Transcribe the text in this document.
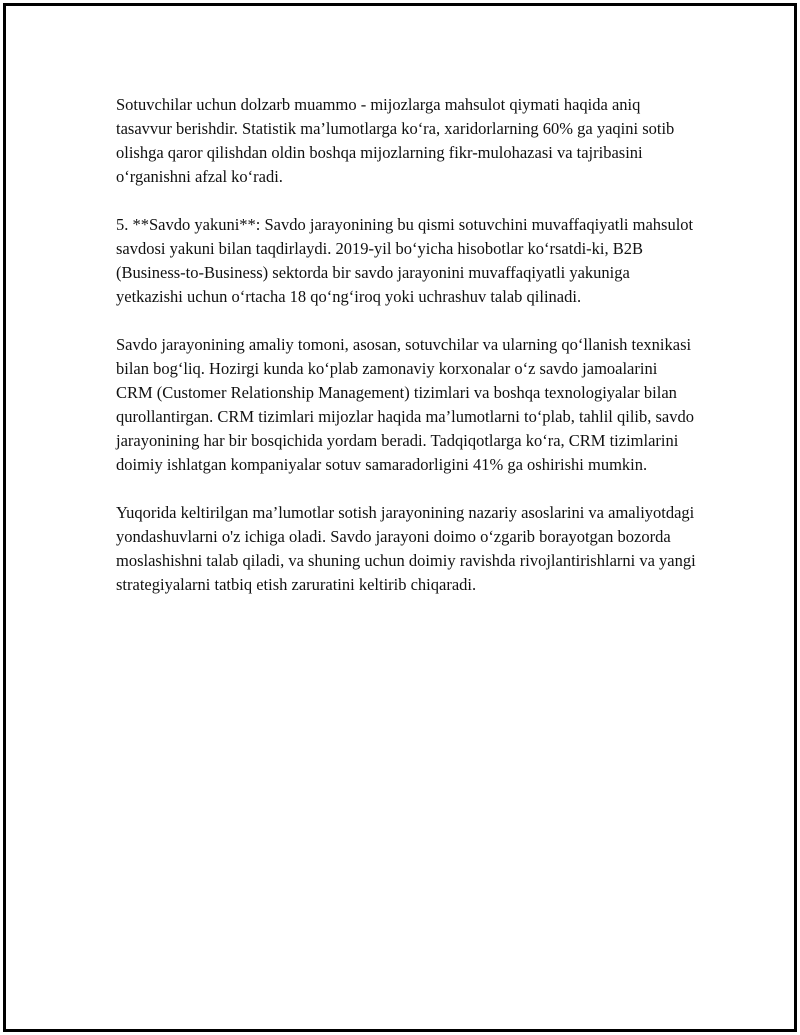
Sotuvchilar uchun dolzarb muammo - mijozlarga mahsulot qiymati haqida aniq tasavvur berishdir. Statistik ma’lumotlarga ko‘ra, xaridorlarning 60% ga yaqini sotib olishga qaror qilishdan oldin boshqa mijozlarning fikr-mulohazasi va tajribasini o‘rganishni afzal ko‘radi.

5. **Savdo yakuni**: Savdo jarayonining bu qismi sotuvchini muvaffaqiyatli mahsulot savdosi yakuni bilan taqdirlaydi. 2019-yil bo‘yicha hisobotlar ko‘rsatdi-ki, B2B (Business-to-Business) sektorda bir savdo jarayonini muvaffaqiyatli yakuniga yetkazishi uchun o‘rtacha 18 qo‘ng‘iroq yoki uchrashuv talab qilinadi.

Savdo jarayonining amaliy tomoni, asosan, sotuvchilar va ularning qo‘llanish texnikasi bilan bog‘liq. Hozirgi kunda ko‘plab zamonaviy korxonalar o‘z savdo jamoalarini CRM (Customer Relationship Management) tizimlari va boshqa texnologiyalar bilan qurollantirgan. CRM tizimlari mijozlar haqida ma’lumotlarni to‘plab, tahlil qilib, savdo jarayonining har bir bosqichida yordam beradi. Tadqiqotlarga ko‘ra, CRM tizimlarini doimiy ishlatgan kompaniyalar sotuv samaradorligini 41% ga oshirishi mumkin.

Yuqorida keltirilgan ma’lumotlar sotish jarayonining nazariy asoslarini va amaliyotdagi yondashuvlarni o'z ichiga oladi. Savdo jarayoni doimo o‘zgarib borayotgan bozorda moslashishni talab qiladi, va shuning uchun doimiy ravishda rivojlantirishlarni va yangi strategiyalarni tatbiq etish zaruratini keltirib chiqaradi.
